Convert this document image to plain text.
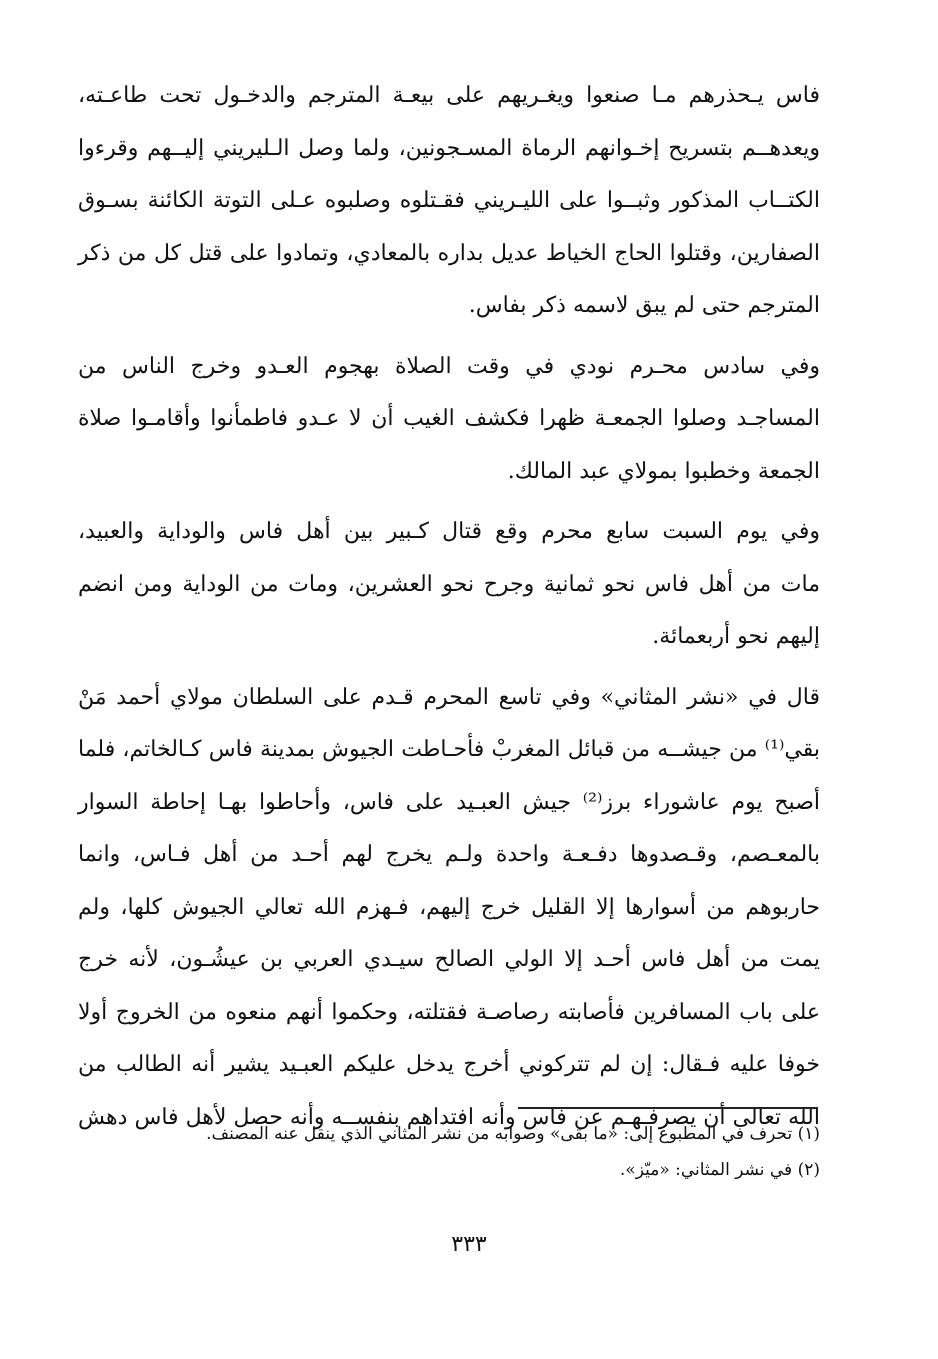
فاس يـحذرهم مـا صنعوا ويغـريهم على بيعـة المترجم والدخـول تحت طاعـته،
ويعدهــم بتسريح إخـوانهم الرماة المسـجونين، ولما وصل الـليريني إليــهم وقرءوا
الكتــاب المذكور وثبــوا على الليـريني فقـتلوه وصلبوه عـلى التوتة الكائنة بسـوق
الصفارين، وقتلوا الحاج الخياط عديل بداره بالمعادي، وتمادوا على قتل كل من ذكر
المترجم حتى لم يبق لاسمه ذكر بفاس.

وفي سادس محـرم نودي في وقت الصلاة بهجوم العـدو وخرج الناس من
المساجـد وصلوا الجمعـة ظهرا فكشف الغيب أن لا عـدو فاطمأنوا وأقامـوا صلاة
الجمعة وخطبوا بمولاي عبد المالك.

وفي يوم السبت سابع محرم وقع قتال كـبير بين أهل فاس والوداية والعبيد،
مات من أهل فاس نحو ثمانية وجرح نحو العشرين، ومات من الوداية ومن انضم
إليهم نحو أربعمائة.

قال في «نشر المثاني» وفي تاسع المحرم قـدم على السلطان مولاي أحمد مَنْ
بقي⁽¹⁾ من جيشــه من قبائل المغربْ فأحـاطت الجيوش بمدينة فاس كـالخاتم، فلما
أصبح يوم عاشوراء برز⁽²⁾ جيش العبـيد على فاس، وأحاطوا بهـا إحاطة السوار
بالمعـصم، وقـصدوها دفـعـة واحدة ولـم يخرج لهم أحـد من أهل فـاس، وانما
حاربوهم من أسوارها إلا القليل خرج إليهم، فـهزم الله تعالي الجيوش كلها، ولم
يمت من أهل فاس أحـد إلا الولي الصالح سيـدي العربي بن عيشُـون، لأنه خرج
على باب المسافرين فأصابته رصاصـة فقتلته، وحكموا أنهم منعوه من الخروج أولا
خوفا عليه فـقال: إن لم تتركوني أخرج يدخل عليكم العبـيد يشير أنه الطالب من
الله تعالى أن يصرفـهـم عن فاس وأنه افتداهم بنفســه وأنه حصل لأهل فاس دهش

(١) تحرف في المطبوع إلى: «ما بقى» وصوابه من نشر المثاني الذي ينقل عنه المصنف.
(٢) في نشر المثاني: «ميّز».
٣٣٣
